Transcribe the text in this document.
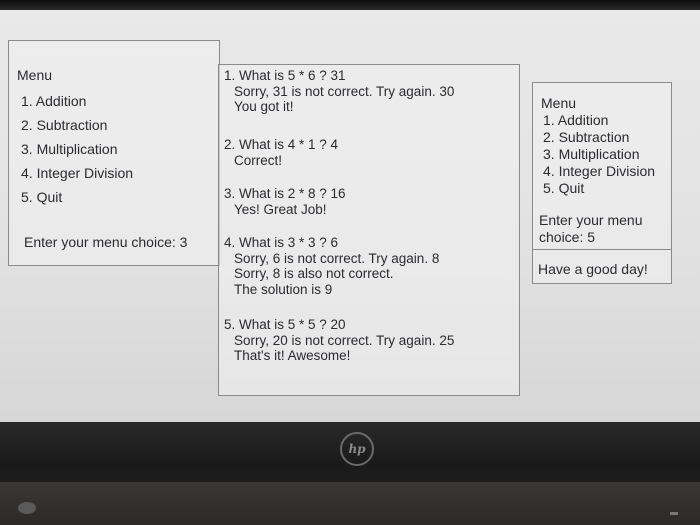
Menu
1. Addition
2. Subtraction
3. Multiplication
4. Integer Division
5. Quit
Enter your menu choice: 3
1. What is 5 * 6 ? 31
Sorry, 31 is not correct. Try again. 30
You got it!
2. What is 4 * 1 ? 4
Correct!
3. What is 2 * 8 ? 16
Yes! Great Job!
4. What is 3 * 3 ? 6
Sorry, 6 is not correct. Try again. 8
Sorry, 8 is also not correct.
The solution is 9
5. What is 5 * 5 ? 20
Sorry, 20 is not correct. Try again. 25
That's it! Awesome!
Menu
1. Addition
2. Subtraction
3. Multiplication
4. Integer Division
5. Quit
Enter your menu
choice: 5
Have a good day!
hp
